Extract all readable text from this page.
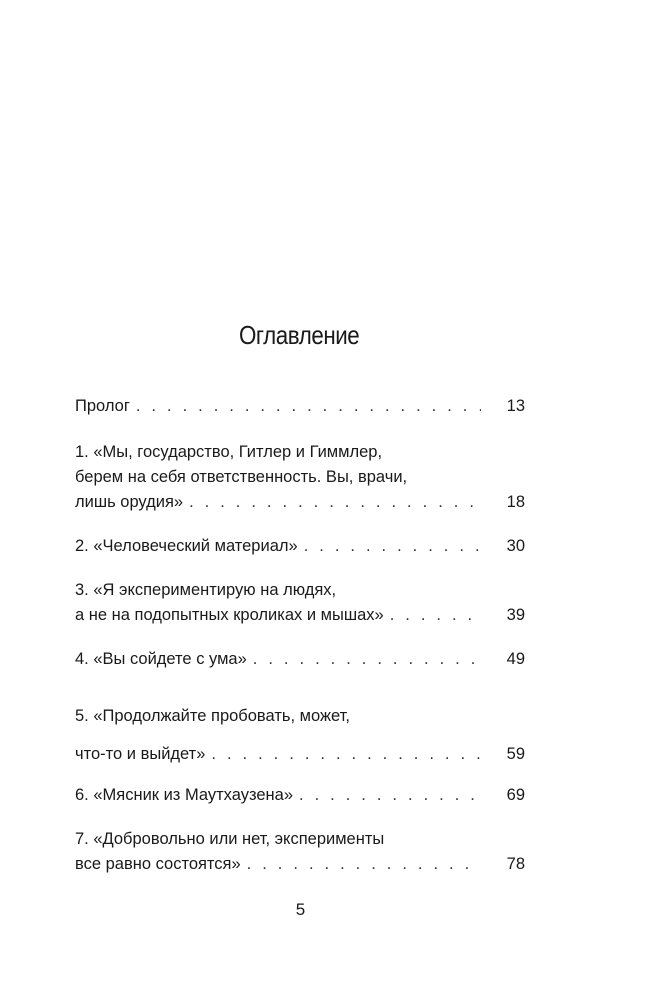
Оглавление
Пролог . . .	13
1. «Мы, государство, Гитлер и Гиммлер,
берем на себя ответственность. Вы, врачи,
лишь орудия» . . .	18
2. «Человеческий материал» . . .	30
3. «Я экспериментирую на людях,
а не на подопытных кроликах и мышах» . . .	39
4. «Вы сойдете с ума» . . .	49
5. «Продолжайте пробовать, может,
что-то и выйдет» . . .	59
6. «Мясник из Маутхаузена» . . .	69
7. «Добровольно или нет, эксперименты
все равно состоятся» . . .	78
5
